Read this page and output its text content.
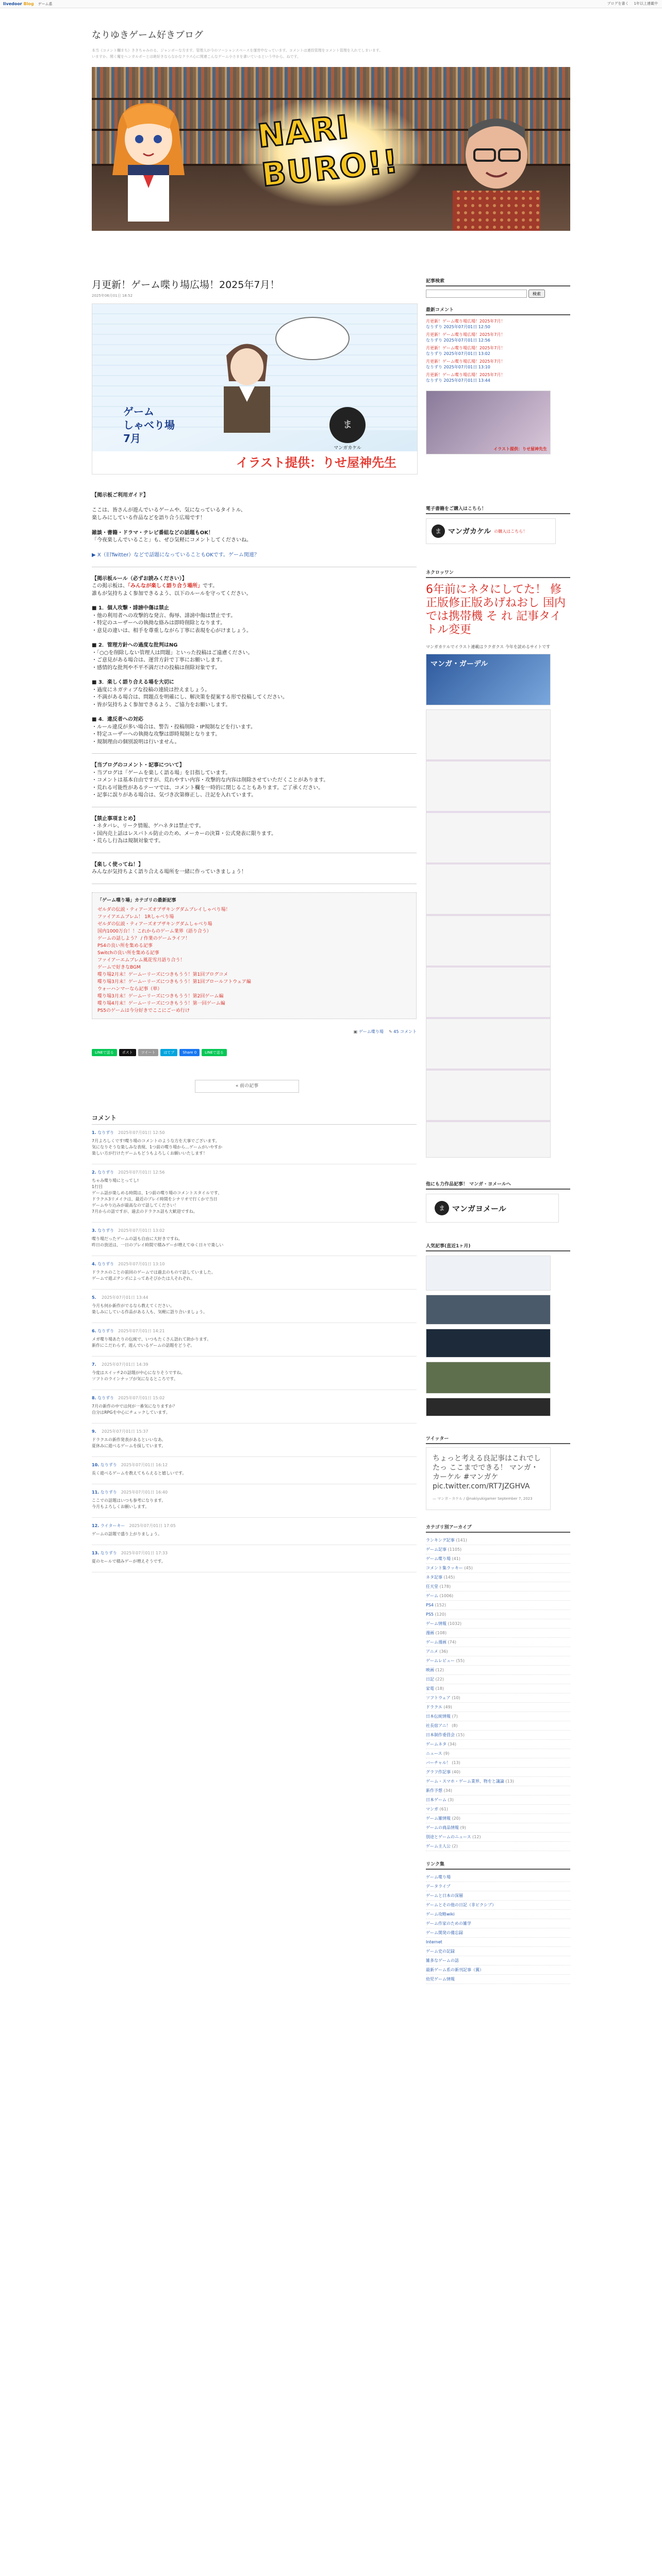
livedoor Blog ゲーム系	ブログを書く 1年以上連載中
なりゆきゲーム好きブログ
本当《コメント欄まち》ききちゃみのる、ジャンボーな方ます。管理人が今のソーシャンスペースを運営中なっています。コメントは連投管理をコメント管理を入れてしまいます。
いますか、関く魔をヘンガルポーとは絶好きならなかなクラス心に関連こんなゲーム小さまを書いているという中から、ねです。
NARI BURO!!
月更新！ゲーム喋り場広場！2025年7月！
2025年06月01日 18:52
ゲーム
しゃべり場
7月
ま
マンガカケル
イラスト提供：りせ屋神先生

【掲示板ご利用ガイド】

ここは、皆さんが遊んでいるゲームや、気になっているタイトル、
楽しみにしている作品などを語り合う広場です！

雑談・書籍・ドラマ・テレビ番組などの話題もOK！
「今夜楽しんでいること」も、ぜひ気軽にコメントしてくださいね。

▶ X（旧Twitter）などで話題になっていることもOKです。ゲーム関連？

【掲示板ルール（必ずお読みください）】
この掲示板は、「みんなが楽しく語り合う場所」です。
誰もが気持ちよく参加できるよう、以下のルールを守ってください。

■ 1．個人攻撃・誹謗中傷は禁止
・他の利用者への攻撃的な発言、侮辱、誹謗中傷は禁止です。
・特定のユーザーへの執拗な絡みは即時削除となります。
・意見の違いは、相手を尊重しながら丁寧に表現を心がけましょう。

■ 2．管理方針への過度な批判はNG
・「○○を削除しない管理人は問題」といった投稿はご遠慮ください。
・ご意見がある場合は、運営方針で丁寧にお願いします。
・感情的な批判や不平不満だけの投稿は削除対象です。

■ 3．楽しく語り合える場を大切に
・過度にネガティブな投稿の連続は控えましょう。
・不満がある場合は、問題点を明確にし、解決策を提案する形で投稿してください。
・皆が気持ちよく参加できるよう、ご協力をお願いします。

■ 4．違反者への対応
・ルール違反が多い場合は、警告・投稿削除・IP規制などを行います。
・特定ユーザーへの執拗な攻撃は即時規制となります。
・規制理由の個別説明は行いません。

【当ブログのコメント・記事について】
・当ブログは「ゲームを楽しく語る場」を目指しています。
・コメントは基本自由ですが、荒れやすい内容・攻撃的な内容は削除させていただくことがあります。
・荒れる可能性があるテーマでは、コメント欄を一時的に閉じることもあります。ご了承ください。
・記事に誤りがある場合は、気づき次第修正し、注記を入れています。

【禁止事項まとめ】
・ネタバレ、リーク情報、ゲハネタは禁止です。
・国内売上話はレスバトル防止のため、メーカーの決算・公式発表に限ります。
・荒らし行為は規制対象です。

【楽しく使ってね！】
みんなが気持ちよく語り合える場所を一緒に作っていきましょう！

「ゲーム喋り場」カテゴリの最新記事
ゼルダの伝説・ティアーズオブザキングダムプレイしゃべり場！
ファイアエムブレム！ 1Rしゃべり場
ゼルダの伝説・ティアーズオブザキングダムしゃべり場
国内1000万台！！これからのゲーム業界（語り合う）
ゲームの話しよう？ / 作業のゲームライフ！
PS4の良い所を集める記事
Switchの良い所を集める記事
ファイアーエムブレム風花雪月語り合う！
ゲームで好きなBGM
喋り場2月末！ゲームーリーズにつきもうう！第1回ブログコメ
喋り場3月末！ゲームーリーズにつきもうう！第1回ブロールフトウェア編
ウォーハンマーなら記事（単）
喋り場3月末！ゲームーリーズにつきもうう！第2回ゲーム編
喋り場4月末！ゲームーリーズにつきもうう！第一回ゲーム編
PS5のゲームは今分好きでここにごーめ行け
▣ ゲーム喋り場 ✎ 45 コメント
LINEで送る	ポスト	ツイート	はてブ	Share 0	LINEで送る
« 前の記事
コメント
1. なりずり 2025年07月01日 12:50
7月よろしくです!喋り場のコメントのような方を大事でございます。
気になりそうな楽しみな表現、1つ前の喋り場から…ゲームがいやすか
楽しい方が行けたゲームもどうもよろしくお願いいたします！
2. なりずり 2025年07月01日 12:56
ちゃみ喋り場にとってし!
1行目
ゲーム話が楽しめる時間は、1つ前の喋り場のコメントスタイルです、
ドラクエ3リメイクは、最近のプレイ時間をシナリオで行くかで当日
ゲームやり込みが最高なので話してください！
7月からの話ですが、過去のドラクエ話も大歓迎ですね。
3. なりずり 2025年07月01日 13:02
喋り場だったゲームの話も自由に大好きですね。
昨日の放送は、一日のプレイ時間で積みゲーが増えてゆく日々で楽しい
4. なりずり 2025年07月01日 13:10
ドラクエのことの前回のゲームでは過去のもので話していました。
ゲームで遊ぶテンポによってあそびかたは人それぞれ。
5. 2025年07月01日 13:44
今月も何か新作がでるなら教えてください。
楽しみにしている作品がある人も、気軽に語り合いましょう。
6. なりずり 2025年07月01日 14:21
メガ喋り場あたりの伝統で、いつもたくさん語れて助かります。
新作にこだわらず、遊んでいるゲームの話題をどうぞ。
7. 2025年07月01日 14:39
今度はスイッチ2の話題が中心になりそうですね。
ソフトのラインナップが気になるところです。
8. なりずり 2025年07月01日 15:02
7月の新作の中では何が一番気になりますか？
自分はRPGを中心にチェックしています。
9. 2025年07月01日 15:37
ドラクエの新作発表があるといいなあ。
夏休みに遊べるゲームを探しています。
10. なりずり 2025年07月01日 16:12
長く遊べるゲームを教えてもらえると嬉しいです。
11. なりずり 2025年07月01日 16:40
ここでの話題はいつも参考になります。
今月もよろしくお願いします。
12. ライターキー 2025年07月01日 17:05
ゲームの話題で盛り上がりましょう。
13. なりずり 2025年07月01日 17:33
夏のセールで積みゲーが増えそうです。
記事検索
検索
最新コメント
月更新！ゲーム喋り場広場！2025年7月！
なりずり 2025年07月01日 12:50
月更新！ゲーム喋り場広場！2025年7月！
なりずり 2025年07月01日 12:56
月更新！ゲーム喋り場広場！2025年7月！
なりずり 2025年07月01日 13:02
月更新！ゲーム喋り場広場！2025年7月！
なりずり 2025年07月01日 13:10
月更新！ゲーム喋り場広場！2025年7月！
なりずり 2025年07月01日 13:44
イラスト提供：りせ屋神先生
電子書籍をご購入はこちら！
ま マンガカケル の購入はこちら！
ネクロッワン
6年前にネタにしてた！ 修正版修正版あげ​ねおし 国内では携帯機 そ れ 記事タイトル変更
マンガカケルでイラスト連載はラクガクス 今年を読めるサイトです
マンガ・ガーデル
他にも力作品記事！ マンガ・ヨメールへ
ま マンガヨメール
人気記事(直近1ヶ月)
ツイッター
ちょっと考える良記事はこれでしたっ ここまでできる！ マンガ・カーケル #マンガケ pic.twitter.com/RT7JZGHVA
— マンガ・カケル / @nakiyukigamer September 7, 2023
カテゴリ別アーカイブ
ランキング記事 (141)
ゲーム記事 (1105)
ゲーム喋り場 (41)
コメント集ラッキー (45)
ネタ記事 (145)
任天堂 (178)
ゲーム (1006)
PS4 (152)
PS5 (120)
ゲーム情報 (1032)
漫画 (108)
ゲーム漫画 (74)
アニメ (36)
ゲームレビュー (55)
映画 (12)
日記 (22)
家電 (18)
ソフトウェア (10)
ドラクエ (49)
日本伝統情報 (7)
社長宿アニ！ (8)
日本制作委員会 (15)
ゲームネタ (34)
ニュース (9)
バーチャル！ (13)
グラフ作記事 (40)
ゲーム・スマホ・ゲーム業界、物をと議論 (13)
新作予想 (34)
日本ゲーム (3)
マンガ (61)
ゲーム雑情報 (20)
ゲームの商品情報 (9)
別途とゲームのニュース (12)
ゲーム主人公 (2)
リンク集
ゲーム喋り場
データライブ
ゲームと日本の深層
ゲームとその他の日記（非ピクシブ）
ゲーム攻略wiki
ゲーム作家のための雑学
ゲーム開発の備忘録
Internet
ゲーム史の記録
雑多なゲームの話
最新ゲーム系の新刊記事（翼）
幼児ゲーム情報
